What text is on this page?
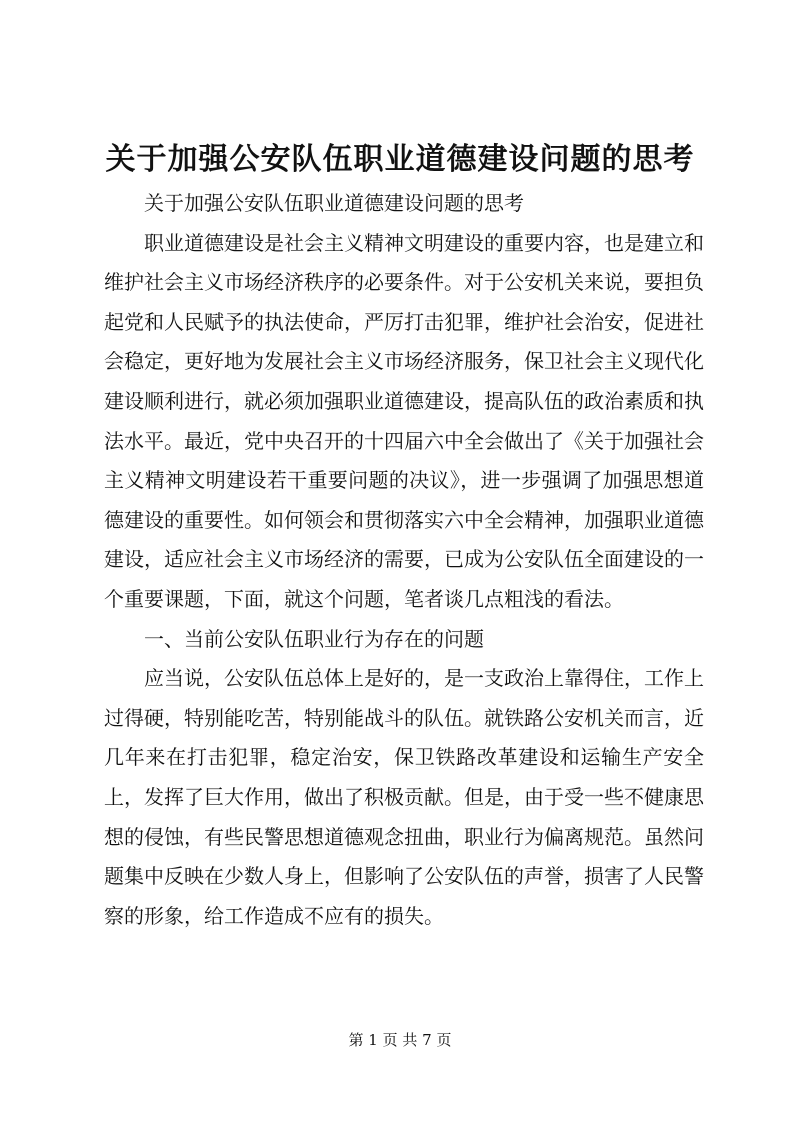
关于加强公安队伍职业道德建设问题的思考

关于加强公安队伍职业道德建设问题的思考

职业道德建设是社会主义精神文明建设的重要内容，也是建立和维护社会主义市场经济秩序的必要条件。对于公安机关来说，要担负起党和人民赋予的执法使命，严厉打击犯罪，维护社会治安，促进社会稳定，更好地为发展社会主义市场经济服务，保卫社会主义现代化建设顺利进行，就必须加强职业道德建设，提高队伍的政治素质和执法水平。最近，党中央召开的十四届六中全会做出了《关于加强社会主义精神文明建设若干重要问题的决议》，进一步强调了加强思想道德建设的重要性。如何领会和贯彻落实六中全会精神，加强职业道德建设，适应社会主义市场经济的需要，已成为公安队伍全面建设的一个重要课题，下面，就这个问题，笔者谈几点粗浅的看法。

一、当前公安队伍职业行为存在的问题

应当说，公安队伍总体上是好的，是一支政治上靠得住，工作上过得硬，特别能吃苦，特别能战斗的队伍。就铁路公安机关而言，近几年来在打击犯罪，稳定治安，保卫铁路改革建设和运输生产安全上，发挥了巨大作用，做出了积极贡献。但是，由于受一些不健康思想的侵蚀，有些民警思想道德观念扭曲，职业行为偏离规范。虽然问题集中反映在少数人身上，但影响了公安队伍的声誉，损害了人民警察的形象，给工作造成不应有的损失。

第 1 页 共 7 页
